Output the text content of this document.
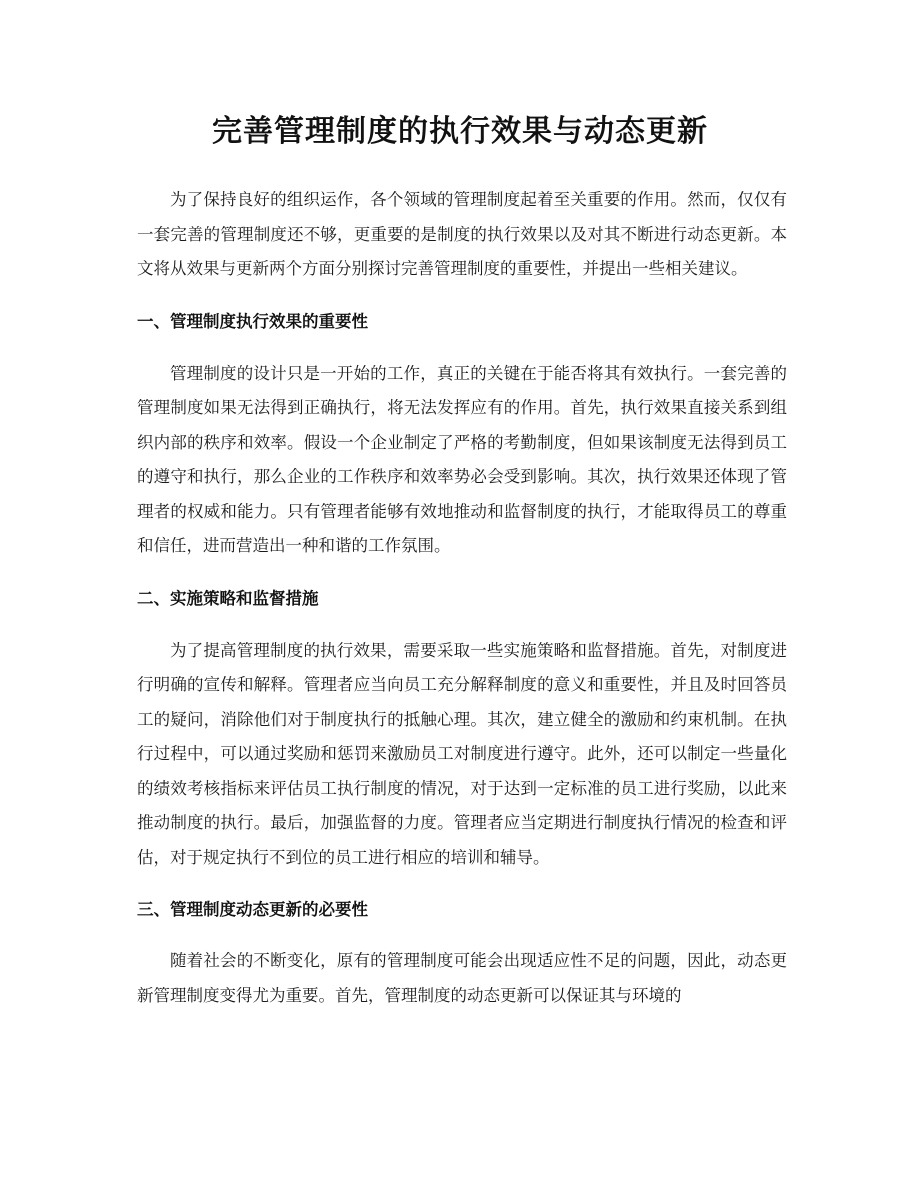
完善管理制度的执行效果与动态更新

为了保持良好的组织运作，各个领域的管理制度起着至关重要的作用。然而，仅仅有一套完善的管理制度还不够，更重要的是制度的执行效果以及对其不断进行动态更新。本文将从效果与更新两个方面分别探讨完善管理制度的重要性，并提出一些相关建议。

一、管理制度执行效果的重要性

管理制度的设计只是一开始的工作，真正的关键在于能否将其有效执行。一套完善的管理制度如果无法得到正确执行，将无法发挥应有的作用。首先，执行效果直接关系到组织内部的秩序和效率。假设一个企业制定了严格的考勤制度，但如果该制度无法得到员工的遵守和执行，那么企业的工作秩序和效率势必会受到影响。其次，执行效果还体现了管理者的权威和能力。只有管理者能够有效地推动和监督制度的执行，才能取得员工的尊重和信任，进而营造出一种和谐的工作氛围。

二、实施策略和监督措施

为了提高管理制度的执行效果，需要采取一些实施策略和监督措施。首先，对制度进行明确的宣传和解释。管理者应当向员工充分解释制度的意义和重要性，并且及时回答员工的疑问，消除他们对于制度执行的抵触心理。其次，建立健全的激励和约束机制。在执行过程中，可以通过奖励和惩罚来激励员工对制度进行遵守。此外，还可以制定一些量化的绩效考核指标来评估员工执行制度的情况，对于达到一定标准的员工进行奖励，以此来推动制度的执行。最后，加强监督的力度。管理者应当定期进行制度执行情况的检查和评估，对于规定执行不到位的员工进行相应的培训和辅导。

三、管理制度动态更新的必要性

随着社会的不断变化，原有的管理制度可能会出现适应性不足的问题，因此，动态更新管理制度变得尤为重要。首先，管理制度的动态更新可以保证其与环境的
